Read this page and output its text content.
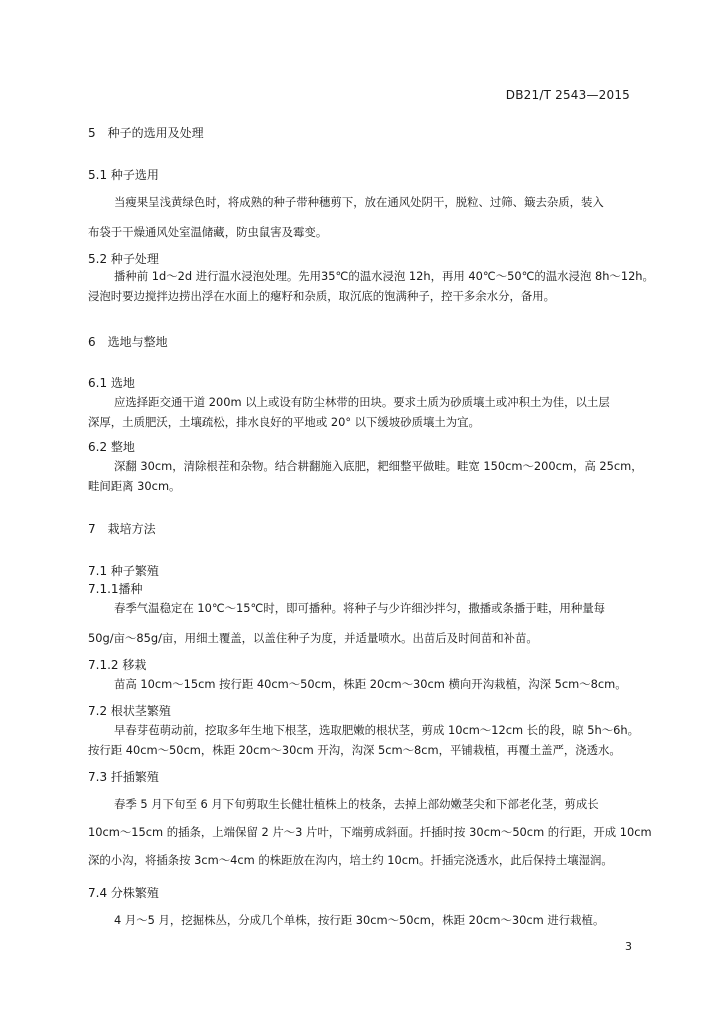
DB21/T 2543—2015
5　种子的选用及处理
5.1 种子选用
当瘦果呈浅黄绿色时，将成熟的种子带种穗剪下，放在通风处阴干，脱粒、过筛、簸去杂质，装入
布袋于干燥通风处室温储藏，防虫鼠害及霉变。
5.2 种子处理
播种前 1d～2d 进行温水浸泡处理。先用35℃的温水浸泡 12h，再用 40℃～50℃的温水浸泡 8h～12h。
浸泡时要边搅拌边捞出浮在水面上的瘪籽和杂质，取沉底的饱满种子，控干多余水分，备用。
6　选地与整地
6.1 选地
应选择距交通干道 200m 以上或设有防尘林带的田块。要求土质为砂质壤土或冲积土为佳，以土层
深厚，土质肥沃，土壤疏松，排水良好的平地或 20° 以下缓坡砂质壤土为宜。
6.2 整地
深翻 30cm，清除根茬和杂物。结合耕翻施入底肥，耙细整平做畦。畦宽 150cm～200cm，高 25cm，
畦间距离 30cm。
7　栽培方法
7.1 种子繁殖
7.1.1播种
春季气温稳定在 10℃～15℃时，即可播种。将种子与少许细沙拌匀，撒播或条播于畦，用种量每
50g/亩～85g/亩，用细土覆盖，以盖住种子为度，并适量喷水。出苗后及时间苗和补苗。
7.1.2 移栽
苗高 10cm～15cm 按行距 40cm～50cm，株距 20cm～30cm 横向开沟栽植，沟深 5cm～8cm。
7.2 根状茎繁殖
早春芽苞萌动前，挖取多年生地下根茎，选取肥嫩的根状茎，剪成 10cm～12cm 长的段，晾 5h～6h。
按行距 40cm～50cm，株距 20cm～30cm 开沟，沟深 5cm～8cm，平铺栽植，再覆土盖严，浇透水。
7.3 扦插繁殖
春季 5 月下旬至 6 月下旬剪取生长健壮植株上的枝条，去掉上部幼嫩茎尖和下部老化茎，剪成长
10cm～15cm 的插条，上端保留 2 片～3 片叶，下端剪成斜面。扦插时按 30cm～50cm 的行距，开成 10cm
深的小沟，将插条按 3cm～4cm 的株距放在沟内，培土约 10cm。扦插完浇透水，此后保持土壤湿润。
7.4 分株繁殖
4 月～5 月，挖掘株丛，分成几个单株，按行距 30cm～50cm，株距 20cm～30cm 进行栽植。
3
